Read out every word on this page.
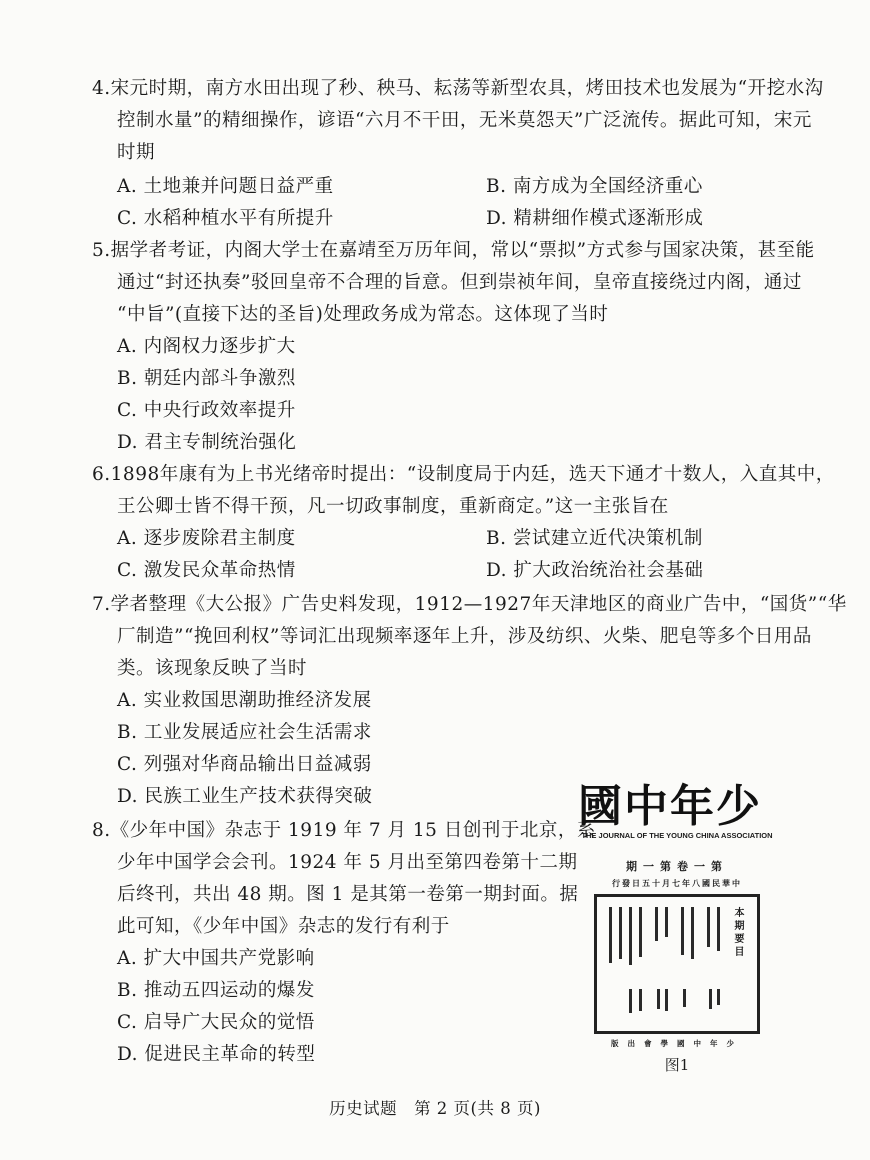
4.宋元时期，南方水田出现了秒、秧马、耘荡等新型农具，烤田技术也发展为“开挖水沟
控制水量”的精细操作，谚语“六月不干田，无米莫怨天”广泛流传。据此可知，宋元
时期
A. 土地兼并问题日益严重	B. 南方成为全国经济重心
C. 水稻种植水平有所提升	D. 精耕细作模式逐渐形成
5.据学者考证，内阁大学士在嘉靖至万历年间，常以“票拟”方式参与国家决策，甚至能
通过“封还执奏”驳回皇帝不合理的旨意。但到崇祯年间，皇帝直接绕过内阁，通过
“中旨”(直接下达的圣旨)处理政务成为常态。这体现了当时
A. 内阁权力逐步扩大
B. 朝廷内部斗争激烈
C. 中央行政效率提升
D. 君主专制统治强化
6.1898年康有为上书光绪帝时提出：“设制度局于内廷，选天下通才十数人，入直其中，
王公卿士皆不得干预，凡一切政事制度，重新商定。”这一主张旨在
A. 逐步废除君主制度	B. 尝试建立近代决策机制
C. 激发民众革命热情	D. 扩大政治统治社会基础
7.学者整理《大公报》广告史料发现，1912—1927年天津地区的商业广告中，“国货”“华
厂制造”“挽回利权”等词汇出现频率逐年上升，涉及纺织、火柴、肥皂等多个日用品
类。该现象反映了当时
A. 实业救国思潮助推经济发展
B. 工业发展适应社会生活需求
C. 列强对华商品输出日益减弱
D. 民族工业生产技术获得突破
8.《少年中国》杂志于 1919 年 7 月 15 日创刊于北京，系
少年中国学会会刊。1924 年 5 月出至第四卷第十二期
后终刊，共出 48 期。图 1 是其第一卷第一期封面。据
此可知，《少年中国》杂志的发行有利于
A. 扩大中国共产党影响
B. 推动五四运动的爆发
C. 启导广大民众的觉悟
D. 促进民主革命的转型
國中年少
THE JOURNAL OF THE YOUNG CHINA ASSOCIATION
期一第卷一第
行發日五十月七年八國民華中
本期要目
版出會學國中年少
图1
历史试题　第 2 页(共 8 页)
